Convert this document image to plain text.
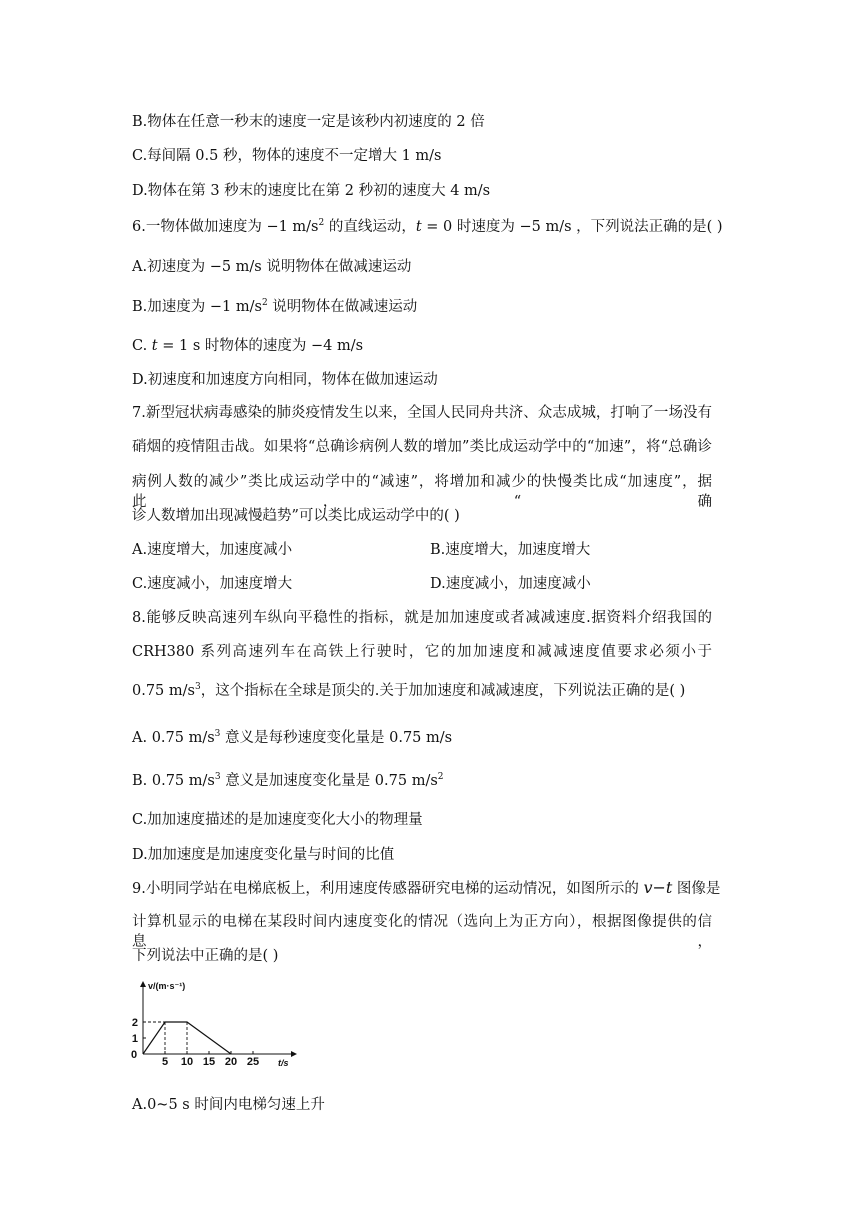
B.物体在任意一秒末的速度一定是该秒内初速度的 2 倍
C.每间隔 0.5 秒，物体的速度不一定增大 1 m/s
D.物体在第 3 秒末的速度比在第 2 秒初的速度大 4 m/s
6.一物体做加速度为 −1 $m/s^2$ 的直线运动，t = 0 时速度为 −5 m/s ，下列说法正确的是( )
A.初速度为 −5 m/s 说明物体在做减速运动
B.加速度为 −1 $m/s^2$ 说明物体在做减速运动
C. t = 1 s 时物体的速度为 −4 m/s
D.初速度和加速度方向相同，物体在做加速运动
7.新型冠状病毒感染的肺炎疫情发生以来，全国人民同舟共济、众志成城，打响了一场没有
硝烟的疫情阻击战。如果将“总确诊病例人数的增加”类比成运动学中的“加速”，将“总确诊
病例人数的减少”类比成运动学中的“减速”，将增加和减少的快慢类比成“加速度”，据此，“确
诊人数增加出现减慢趋势”可以类比成运动学中的( )
A.速度增大，加速度减小	B.速度增大，加速度增大
C.速度减小，加速度增大	D.速度减小，加速度减小
8.能够反映高速列车纵向平稳性的指标，就是加加速度或者减减速度.据资料介绍我国的
CRH380 系列高速列车在高铁上行驶时，它的加加速度和减减速度值要求必须小于
0.75 $m/s^3$，这个指标在全球是顶尖的.关于加加速度和减减速度，下列说法正确的是( )
A. 0.75 $m/s^3$ 意义是每秒速度变化量是 0.75 m/s
B. 0.75 $m/s^3$ 意义是加速度变化量是 0.75 $m/s^2$
C.加加速度描述的是加速度变化大小的物理量
D.加加速度是加速度变化量与时间的比值
9.小明同学站在电梯底板上，利用速度传感器研究电梯的运动情况，如图所示的 v−t 图像是
计算机显示的电梯在某段时间内速度变化的情况（选向上为正方向），根据图像提供的信息，
下列说法中正确的是( )
v/(m·s⁻¹)
t/s
0
5 10 15 20 25
1
2
A.0~5 s 时间内电梯匀速上升
